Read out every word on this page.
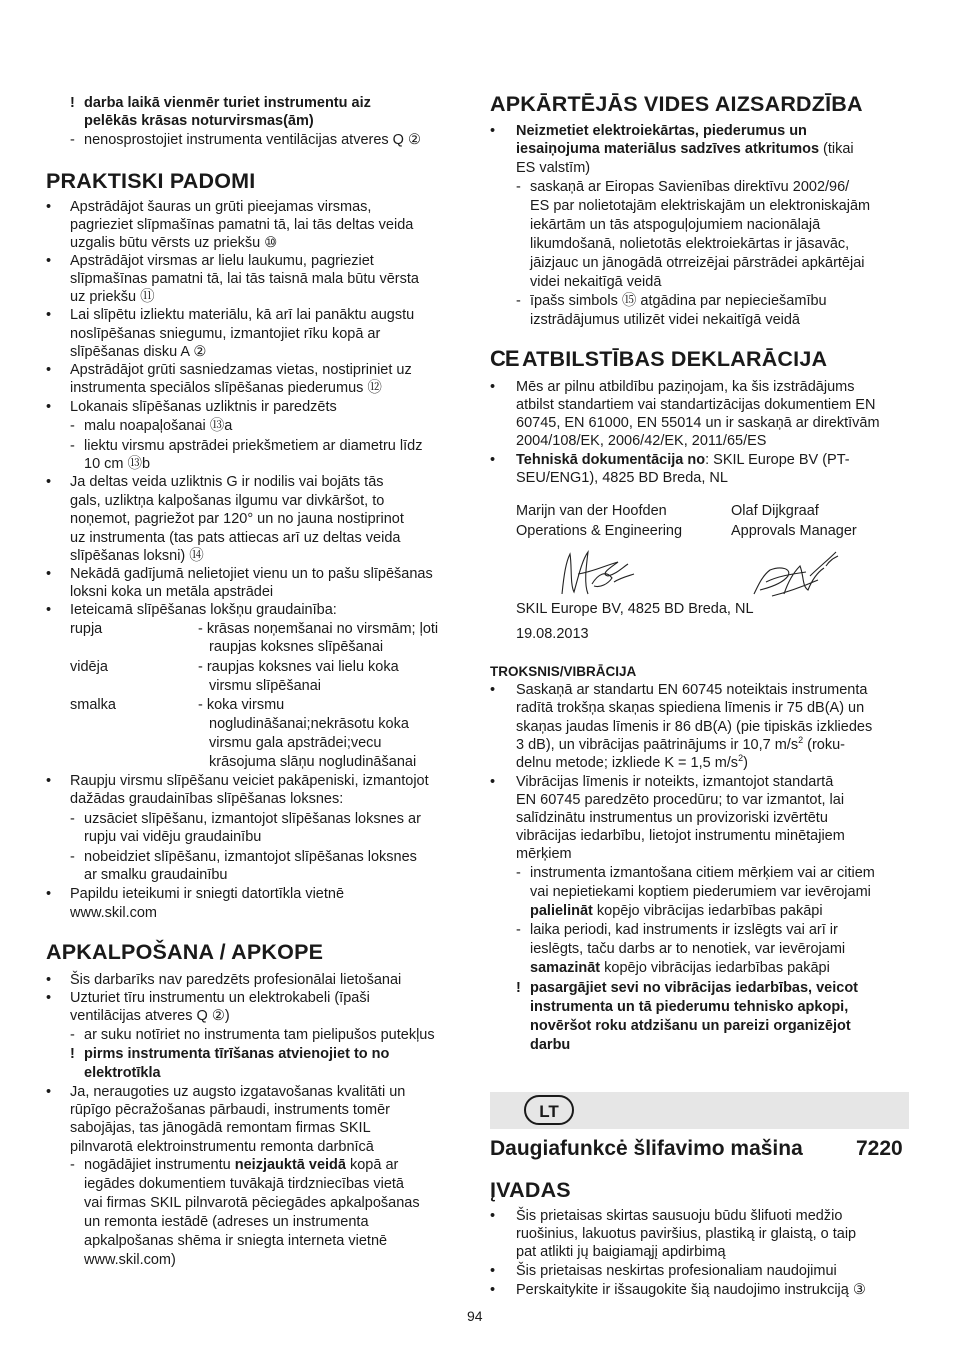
! darba laikā vienmēr turiet instrumentu aiz
pelēkās krāsas noturvirsmas(ām)
- nenosprostojiet instrumenta ventilācijas atveres Q ②
PRAKTISKI PADOMI
• Apstrādājot šauras un grūti pieejamas virsmas,
pagrieziet slīpmašīnas pamatni tā, lai tās deltas veida
uzgalis būtu vērsts uz priekšu ⑩
• Apstrādājot virsmas ar lielu laukumu, pagrieziet
slīpmašīnas pamatni tā, lai tās taisnā mala būtu vērsta
uz priekšu ⑪
• Lai slīpētu izliektu materiālu, kā arī lai panāktu augstu
noslīpēšanas sniegumu, izmantojiet rīku kopā ar
slīpēšanas disku A ②
• Apstrādājot grūti sasniedzamas vietas, nostipriniet uz
instrumenta speciālos slīpēšanas piederumus ⑫
• Lokanais slīpēšanas uzliktnis ir paredzēts
- malu noapaļošanai ⑬a
- liektu virsmu apstrādei priekšmetiem ar diametru līdz
10 cm ⑬b
• Ja deltas veida uzliktnis G ir nodilis vai bojāts tās
gals, uzliktņa kalpošanas ilgumu var divkāršot, to
noņemot, pagriežot par 120° un no jauna nostiprinot
uz instrumenta (tas pats attiecas arī uz deltas veida
slīpēšanas loksni) ⑭
• Nekādā gadījumā nelietojiet vienu un to pašu slīpēšanas
loksni koka un metāla apstrādei
• Ieteicamā slīpēšanas lokšņu graudainība:
rupja	- krāsas noņemšanai no virsmām; ļoti
raupjas koksnes slīpēšanai
vidēja	- raupjas koksnes vai lielu koka
virsmu slīpēšanai
smalka	- koka virsmu
nogludināšanai;nekrāsotu koka
virsmu gala apstrādei;vecu
krāsojuma slāņu nogludināšanai
• Raupju virsmu slīpēšanu veiciet pakāpeniski, izmantojot
dažādas graudainības slīpēšanas loksnes:
- uzsāciet slīpēšanu, izmantojot slīpēšanas loksnes ar
rupju vai vidēju graudainību
- nobeidziet slīpēšanu, izmantojot slīpēšanas loksnes
ar smalku graudainību
• Papildu ieteikumi ir sniegti datortīkla vietnē
www.skil.com
APKALPOŠANA / APKOPE
• Šis darbarīks nav paredzēts profesionālai lietošanai
• Uzturiet tīru instrumentu un elektrokabeli (īpaši
ventilācijas atveres Q ②)
- ar suku notīriet no instrumenta tam pielipušos putekļus
! pirms instrumenta tīrīšanas atvienojiet to no
elektrotīkla
• Ja, neraugoties uz augsto izgatavošanas kvalitāti un
rūpīgo pēcražošanas pārbaudi, instruments tomēr
sabojājas, tas jānogādā remontam firmas SKIL
pilnvarotā elektroinstrumentu remonta darbnīcā
- nogādājiet instrumentu neizjauktā veidā kopā ar
iegādes dokumentiem tuvākajā tirdzniecības vietā
vai firmas SKIL pilnvarotā pēciegādes apkalpošanas
un remonta iestādē (adreses un instrumenta
apkalpošanas shēma ir sniegta interneta vietnē
www.skil.com)
APKĀRTĒJĀS VIDES AIZSARDZĪBA
• Neizmetiet elektroiekārtas, piederumus un
iesaiņojuma materiālus sadzīves atkritumos (tikai
ES valstīm)
- saskaņā ar Eiropas Savienības direktīvu 2002/96/
ES par nolietotajām elektriskajām un elektroniskajām
iekārtām un tās atspoguļojumiem nacionālajā
likumdošanā, nolietotās elektroiekārtas ir jāsavāc,
jāizjauc un jānogādā otrreizējai pārstrādei apkārtējai
videi nekaitīgā veidā
- īpašs simbols ⑮ atgādina par nepieciešamību
izstrādājumus utilizēt videi nekaitīgā veidā
CE ATBILSTĪBAS DEKLARĀCIJA
• Mēs ar pilnu atbildību paziņojam, ka šis izstrādājums
atbilst standartiem vai standartizācijas dokumentiem EN
60745, EN 61000, EN 55014 un ir saskaņā ar direktīvām
2004/108/EK, 2006/42/EK, 2011/65/ES
• Tehniskā dokumentācija no: SKIL Europe BV (PT-
SEU/ENG1), 4825 BD Breda, NL
Marijn van der Hoofden
Operations & Engineering
Olaf Dijkgraaf
Approvals Manager
SKIL Europe BV, 4825 BD Breda, NL
19.08.2013
TROKSNIS/VIBRĀCIJA
• Saskaņā ar standartu EN 60745 noteiktais instrumenta
radītā trokšņa skaņas spiediena līmenis ir 75 dB(A) un
skaņas jaudas līmenis ir 86 dB(A) (pie tipiskās izkliedes
3 dB), un vibrācijas paātrinājums ir 10,7 $m/s^2$ (roku-
delnu metode; izkliede K = 1,5 $m/s^2$)
• Vibrācijas līmenis ir noteikts, izmantojot standartā
EN 60745 paredzēto procedūru; to var izmantot, lai
salīdzinātu instrumentus un provizoriski izvērtētu
vibrācijas iedarbību, lietojot instrumentu minētajiem
mērķiem
- instrumenta izmantošana citiem mērķiem vai ar citiem
vai nepietiekami koptiem piederumiem var ievērojami
palielināt kopējo vibrācijas iedarbības pakāpi
- laika periodi, kad instruments ir izslēgts vai arī ir
ieslēgts, taču darbs ar to nenotiek, var ievērojami
samazināt kopējo vibrācijas iedarbības pakāpi
! pasargājiet sevi no vibrācijas iedarbības, veicot
instrumenta un tā piederumu tehnisko apkopi,
novēršot roku atdzišanu un pareizi organizējot
darbu
LT
Daugiafunkcė šlifavimo mašina	7220
ĮVADAS
• Šis prietaisas skirtas sausuoju būdu šlifuoti medžio
ruošinius, lakuotus paviršius, plastiką ir glaistą, o taip
pat atlikti jų baigiamąjį apdirbimą
• Šis prietaisas neskirtas profesionaliam naudojimui
• Perskaitykite ir išsaugokite šią naudojimo instrukciją ③
94
